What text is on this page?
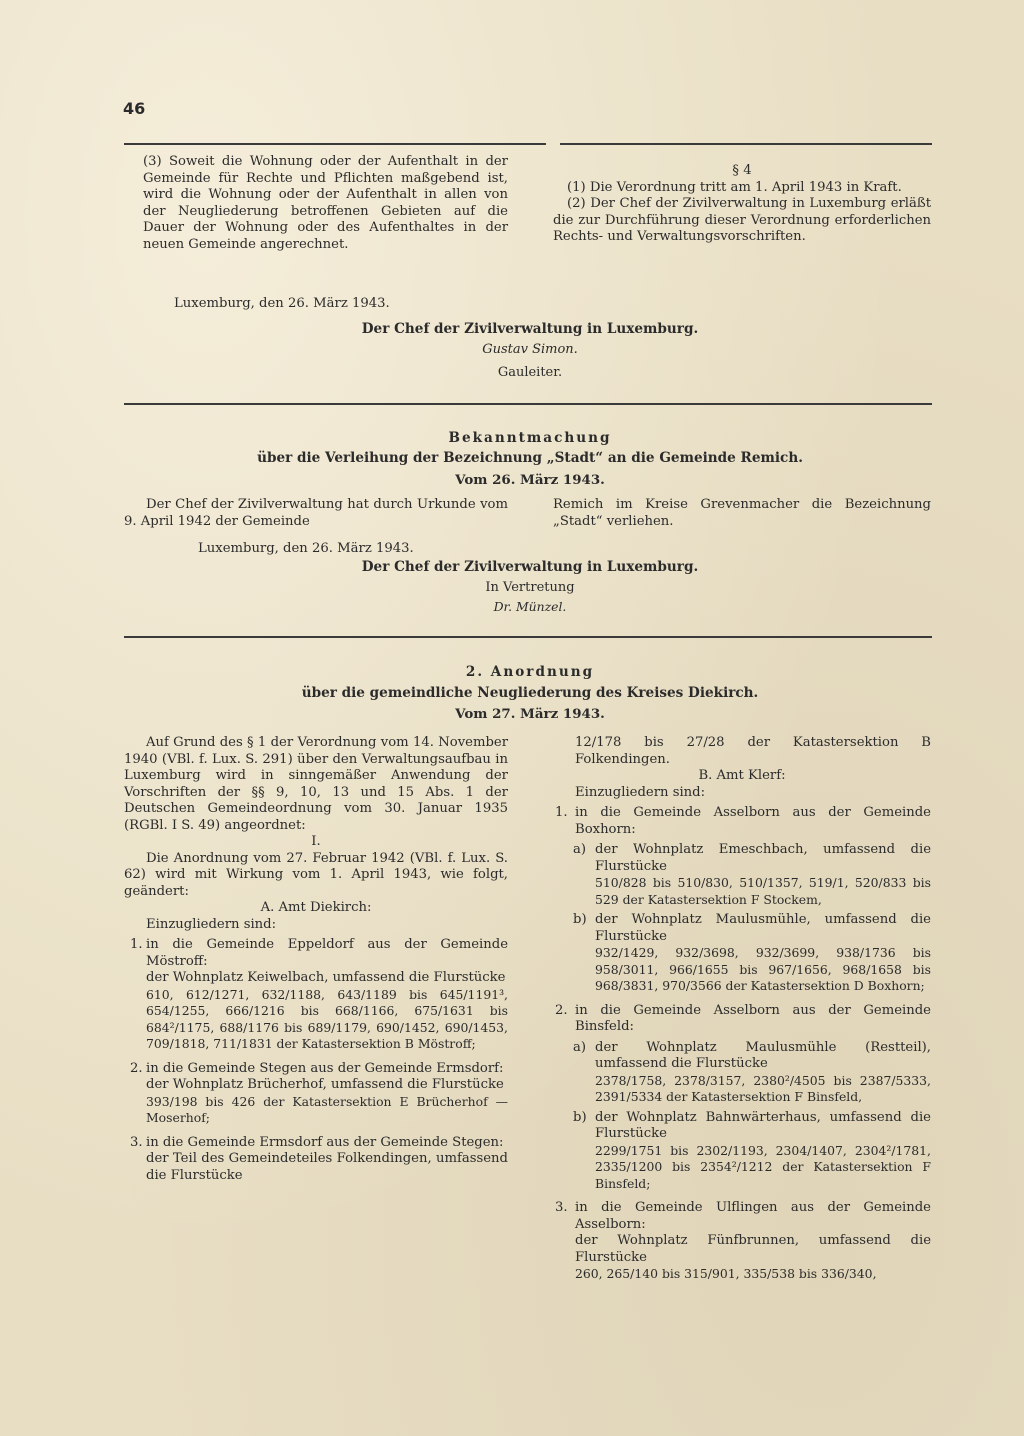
46

(3) Soweit die Wohnung oder der Aufenthalt in der Gemeinde für Rechte und Pflichten maßgebend ist, wird die Wohnung oder der Aufenthalt in allen von der Neugliederung betroffenen Gebieten auf die Dauer der Wohnung oder des Aufenthaltes in der neuen Gemeinde angerechnet.

§ 4

(1) Die Verordnung tritt am 1. April 1943 in Kraft.

(2) Der Chef der Zivilverwaltung in Luxemburg erläßt die zur Durchführung dieser Verordnung erforderlichen Rechts- und Verwaltungsvorschriften.

Luxemburg, den 26. März 1943.
Der Chef der Zivilverwaltung in Luxemburg.
Gustav Simon.
Gauleiter.
Bekanntmachung
über die Verleihung der Bezeichnung „Stadt“ an die Gemeinde Remich.
Vom 26. März 1943.
Der Chef der Zivilverwaltung hat durch Urkunde vom 9. April 1942 der Gemeinde
Remich im Kreise Grevenmacher die Bezeichnung „Stadt“ verliehen.
Luxemburg, den 26. März 1943.
Der Chef der Zivilverwaltung in Luxemburg.
In Vertretung
Dr. Münzel.
2. Anordnung
über die gemeindliche Neugliederung des Kreises Diekirch.
Vom 27. März 1943.

Auf Grund des § 1 der Verordnung vom 14. November 1940 (VBl. f. Lux. S. 291) über den Verwaltungsaufbau in Luxemburg wird in sinngemäßer Anwendung der Vorschriften der §§ 9, 10, 13 und 15 Abs. 1 der Deutschen Gemeindeordnung vom 30. Januar 1935 (RGBl. I S. 49) angeordnet:

I.

Die Anordnung vom 27. Februar 1942 (VBl. f. Lux. S. 62) wird mit Wirkung vom 1. April 1943, wie folgt, geändert:

A. Amt Diekirch:

Einzugliedern sind:

1. in die Gemeinde Eppeldorf aus der Gemeinde Möstroff:
der Wohnplatz Keiwelbach, umfassend die Flurstücke
610, 612/1271, 632/1188, 643/1189 bis 645/1191³, 654/1255, 666/1216 bis 668/1166, 675/1631 bis 684²/1175, 688/1176 bis 689/1179, 690/1452, 690/1453, 709/1818, 711/1831 der Katastersektion B Möstroff;
2. in die Gemeinde Stegen aus der Gemeinde Ermsdorf:
der Wohnplatz Brücherhof, umfassend die Flurstücke
393/198 bis 426 der Katastersektion E Brücherhof — Moserhof;
3. in die Gemeinde Ermsdorf aus der Gemeinde Stegen:
der Teil des Gemeindeteiles Folkendingen, umfassend die Flurstücke

12/178 bis 27/28 der Katastersektion B Folkendingen.

B. Amt Klerf:

Einzugliedern sind:

1. in die Gemeinde Asselborn aus der Gemeinde Boxhorn:
a) der Wohnplatz Emeschbach, umfassend die Flurstücke
510/828 bis 510/830, 510/1357, 519/1, 520/833 bis 529 der Katastersektion F Stockem,
b) der Wohnplatz Maulusmühle, umfassend die Flurstücke
932/1429, 932/3698, 932/3699, 938/1736 bis 958/3011, 966/1655 bis 967/1656, 968/1658 bis 968/3831, 970/3566 der Katastersektion D Boxhorn;
2. in die Gemeinde Asselborn aus der Gemeinde Binsfeld:
a) der Wohnplatz Maulusmühle (Restteil), umfassend die Flurstücke
2378/1758, 2378/3157, 2380²/4505 bis 2387/5333, 2391/5334 der Katastersektion F Binsfeld,
b) der Wohnplatz Bahnwärterhaus, umfassend die Flurstücke
2299/1751 bis 2302/1193, 2304/1407, 2304²/1781, 2335/1200 bis 2354²/1212 der Katastersektion F Binsfeld;
3. in die Gemeinde Ulflingen aus der Gemeinde Asselborn:
der Wohnplatz Fünfbrunnen, umfassend die Flurstücke
260, 265/140 bis 315/901, 335/538 bis 336/340,
